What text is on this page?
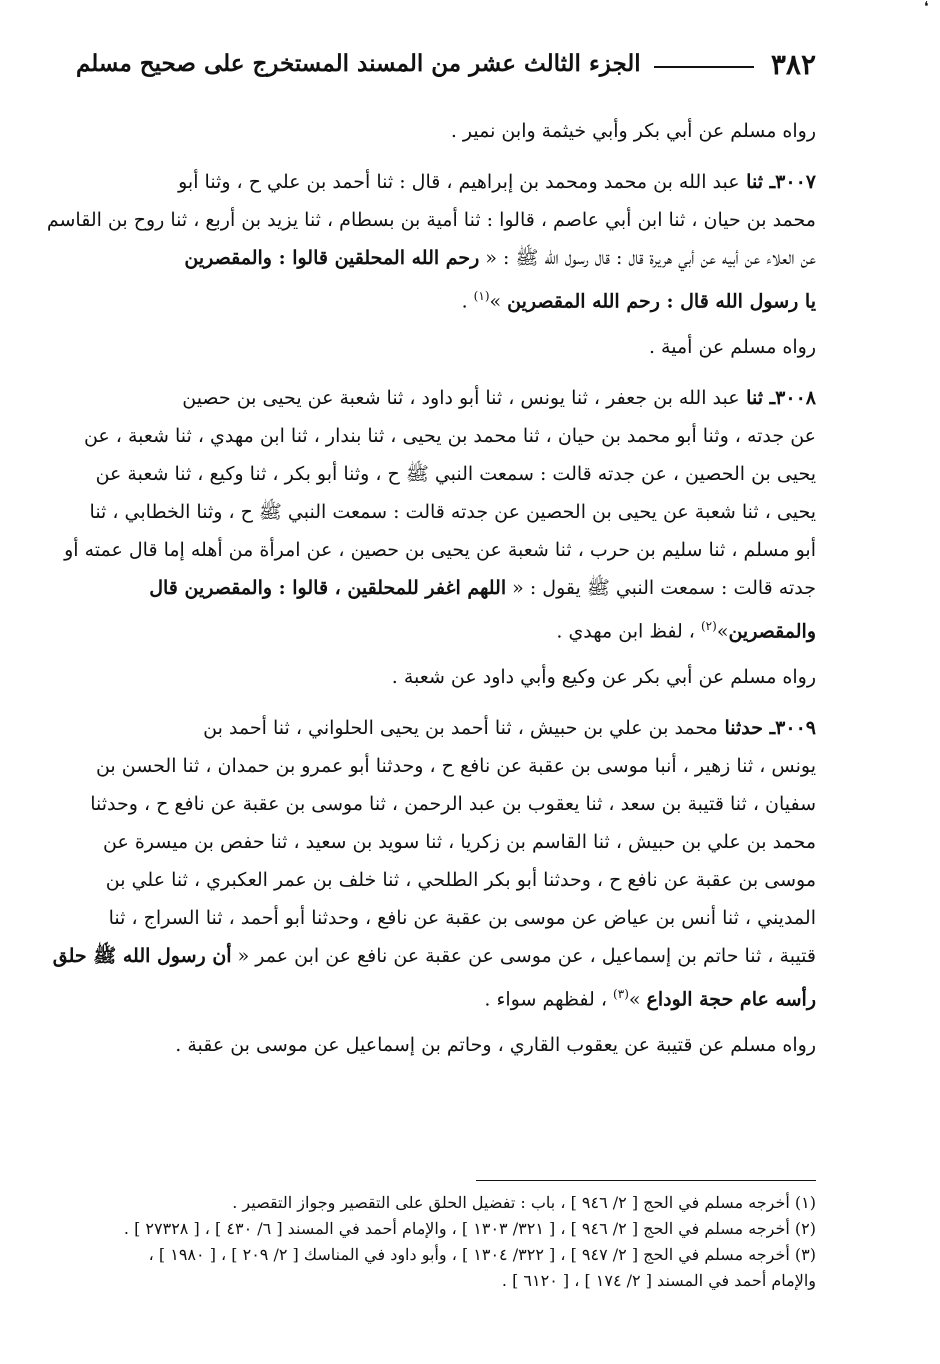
❛
٣٨٢
الجزء الثالث عشر من المسند المستخرج على صحيح مسلم
رواه مسلم عن أبي بكر وأبي خيثمة وابن نمير .
٣٠٠٧ـ ثنا عبد الله بن محمد ومحمد بن إبراهيم ، قال : ثنا أحمد بن علي ح ، وثنا أبو
محمد بن حيان ، ثنا ابن أبي عاصم ، قالوا : ثنا أمية بن بسطام ، ثنا يزيد بن أربع ، ثنا روح بن القاسم
عن العلاء عن أبيه عن أبي هريرة قال : قال رسول الله ﷺ : « رحم الله المحلقين قالوا : والمقصرين
يا رسول الله قال : رحم الله المقصرين »$^{(١)}$ .
رواه مسلم عن أمية .
٣٠٠٨ـ ثنا عبد الله بن جعفر ، ثنا يونس ، ثنا أبو داود ، ثنا شعبة عن يحيى بن حصين
عن جدته ، وثنا أبو محمد بن حيان ، ثنا محمد بن يحيى ، ثنا بندار ، ثنا ابن مهدي ، ثنا شعبة ، عن
يحيى بن الحصين ، عن جدته قالت : سمعت النبي ﷺ ح ، وثنا أبو بكر ، ثنا وكيع ، ثنا شعبة عن
يحيى ، ثنا شعبة عن يحيى بن الحصين عن جدته قالت : سمعت النبي ﷺ ح ، وثنا الخطابي ، ثنا
أبو مسلم ، ثنا سليم بن حرب ، ثنا شعبة عن يحيى بن حصين ، عن امرأة من أهله إما قال عمته أو
جدته قالت : سمعت النبي ﷺ يقول : « اللهم اغفر للمحلقين ، قالوا : والمقصرين قال
والمقصرين»$^{(٢)}$ ، لفظ ابن مهدي .
رواه مسلم عن أبي بكر عن وكيع وأبي داود عن شعبة .
٣٠٠٩ـ حدثنا محمد بن علي بن حبيش ، ثنا أحمد بن يحيى الحلواني ، ثنا أحمد بن
يونس ، ثنا زهير ، أنبا موسى بن عقبة عن نافع ح ، وحدثنا أبو عمرو بن حمدان ، ثنا الحسن بن
سفيان ، ثنا قتيبة بن سعد ، ثنا يعقوب بن عبد الرحمن ، ثنا موسى بن عقبة عن نافع ح ، وحدثنا
محمد بن علي بن حبيش ، ثنا القاسم بن زكريا ، ثنا سويد بن سعيد ، ثنا حفص بن ميسرة عن
موسى بن عقبة عن نافع ح ، وحدثنا أبو بكر الطلحي ، ثنا خلف بن عمر العكبري ، ثنا علي بن
المديني ، ثنا أنس بن عياض عن موسى بن عقبة عن نافع ، وحدثنا أبو أحمد ، ثنا السراج ، ثنا
قتيبة ، ثنا حاتم بن إسماعيل ، عن موسى عن عقبة عن نافع عن ابن عمر « أن رسول الله ﷺ حلق
رأسه عام حجة الوداع »$^{(٣)}$ ، لفظهم سواء .
رواه مسلم عن قتيبة عن يعقوب القاري ، وحاتم بن إسماعيل عن موسى بن عقبة .
(١) أخرجه مسلم في الحج [ ٢/ ٩٤٦ ] ، باب : تفضيل الحلق على التقصير وجواز التقصير .
(٢) أخرجه مسلم في الحج [ ٢/ ٩٤٦ ] ، [ ٣٢١/ ١٣٠٣ ] ، والإمام أحمد في المسند [ ٦/ ٤٣٠ ] ، [ ٢٧٣٢٨ ] .
(٣) أخرجه مسلم في الحج [ ٢/ ٩٤٧ ] ، [ ٣٢٢/ ١٣٠٤ ] ، وأبو داود في المناسك [ ٢/ ٢٠٩ ] ، [ ١٩٨٠ ] ،
والإمام أحمد في المسند [ ٢/ ١٧٤ ] ، [ ٦١٢٠ ] .
